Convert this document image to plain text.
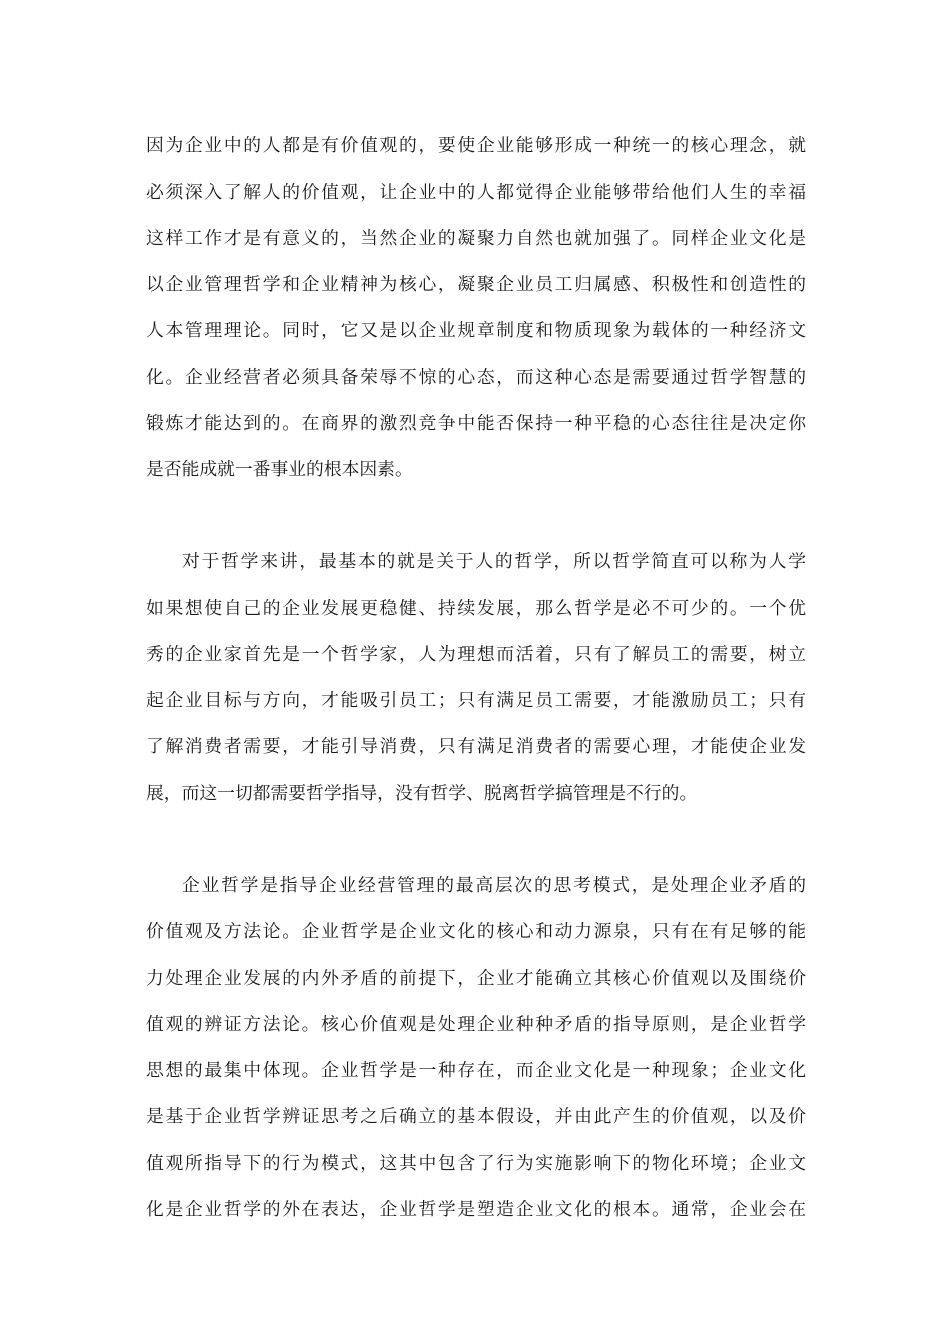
因为企业中的人都是有价值观的，要使企业能够形成一种统一的核心理念，就
必须深入了解人的价值观，让企业中的人都觉得企业能够带给他们人生的幸福
这样工作才是有意义的，当然企业的凝聚力自然也就加强了。同样企业文化是
以企业管理哲学和企业精神为核心，凝聚企业员工归属感、积极性和创造性的
人本管理理论。同时，它又是以企业规章制度和物质现象为载体的一种经济文
化。企业经营者必须具备荣辱不惊的心态，而这种心态是需要通过哲学智慧的
锻炼才能达到的。在商界的激烈竞争中能否保持一种平稳的心态往往是决定你
是否能成就一番事业的根本因素。
对于哲学来讲，最基本的就是关于人的哲学，所以哲学简直可以称为人学
如果想使自己的企业发展更稳健、持续发展，那么哲学是必不可少的。一个优
秀的企业家首先是一个哲学家，人为理想而活着，只有了解员工的需要，树立
起企业目标与方向，才能吸引员工；只有满足员工需要，才能激励员工；只有
了解消费者需要，才能引导消费，只有满足消费者的需要心理，才能使企业发
展，而这一切都需要哲学指导，没有哲学、脱离哲学搞管理是不行的。
企业哲学是指导企业经营管理的最高层次的思考模式，是处理企业矛盾的
价值观及方法论。企业哲学是企业文化的核心和动力源泉，只有在有足够的能
力处理企业发展的内外矛盾的前提下，企业才能确立其核心价值观以及围绕价
值观的辨证方法论。核心价值观是处理企业种种矛盾的指导原则，是企业哲学
思想的最集中体现。企业哲学是一种存在，而企业文化是一种现象；企业文化
是基于企业哲学辨证思考之后确立的基本假设，并由此产生的价值观，以及价
值观所指导下的行为模式，这其中包含了行为实施影响下的物化环境；企业文
化是企业哲学的外在表达，企业哲学是塑造企业文化的根本。通常，企业会在
